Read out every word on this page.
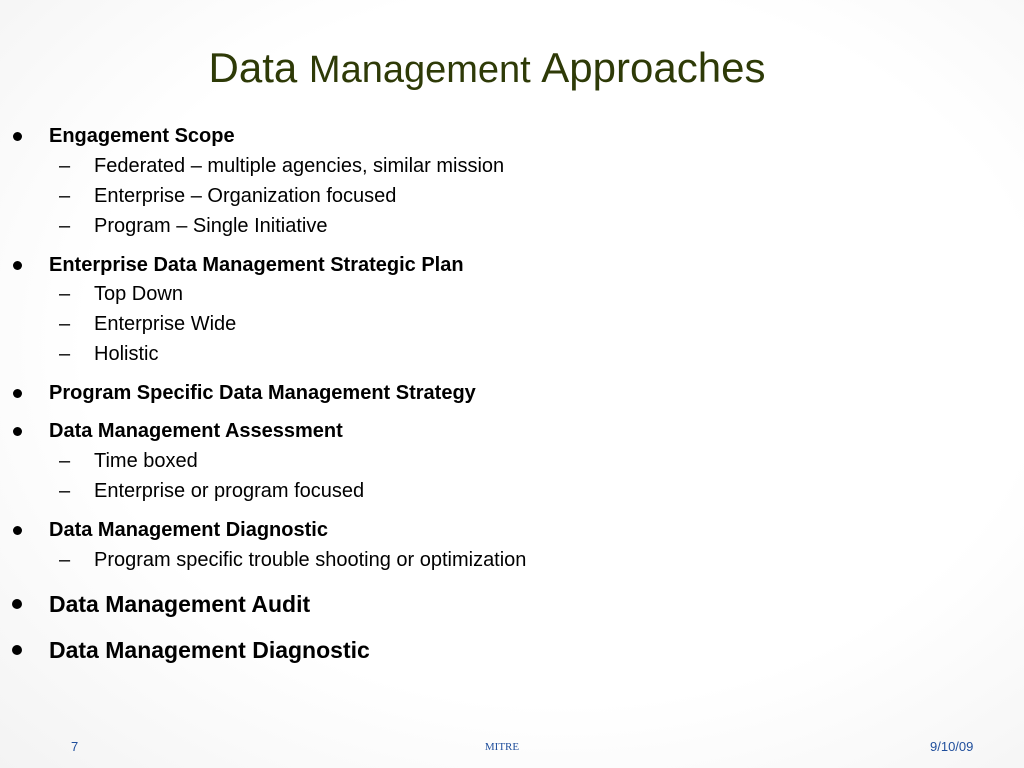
Data Management Approaches
Engagement Scope
– Federated – multiple agencies, similar mission
– Enterprise – Organization focused
– Program – Single Initiative
Enterprise Data Management Strategic Plan
– Top Down
– Enterprise Wide
– Holistic
Program Specific Data Management Strategy
Data Management Assessment
– Time boxed
– Enterprise or program focused
Data Management Diagnostic
– Program specific trouble shooting or optimization
Data Management Audit
Data Management Diagnostic
7	MITRE	9/10/09
